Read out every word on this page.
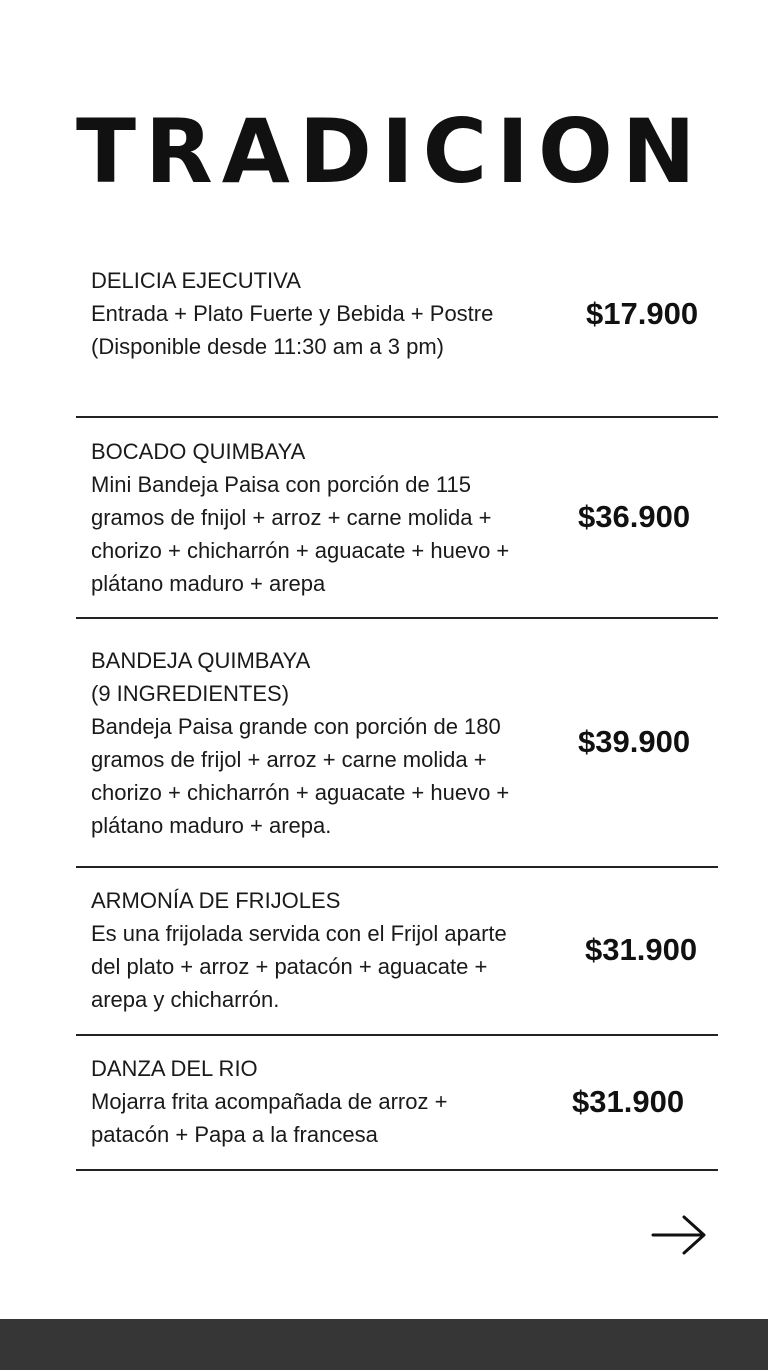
TRADICION
DELICIA EJECUTIVA
Entrada + Plato Fuerte y Bebida + Postre
(Disponible desde 11:30 am a 3 pm)
$17.900
BOCADO QUIMBAYA
Mini Bandeja Paisa con porción de 115
gramos de fnijol + arroz + carne molida +
chorizo + chicharrón + aguacate + huevo +
plátano maduro + arepa
$36.900
BANDEJA QUIMBAYA
(9 INGREDIENTES)
Bandeja Paisa grande con porción de 180
gramos de frijol + arroz + carne molida +
chorizo + chicharrón + aguacate + huevo +
plátano maduro + arepa.
$39.900
ARMONÍA DE FRIJOLES
Es una frijolada servida con el Frijol aparte
del plato + arroz + patacón + aguacate +
arepa y chicharrón.
$31.900
DANZA DEL RIO
Mojarra frita acompañada de arroz +
patacón + Papa a la francesa
$31.900
